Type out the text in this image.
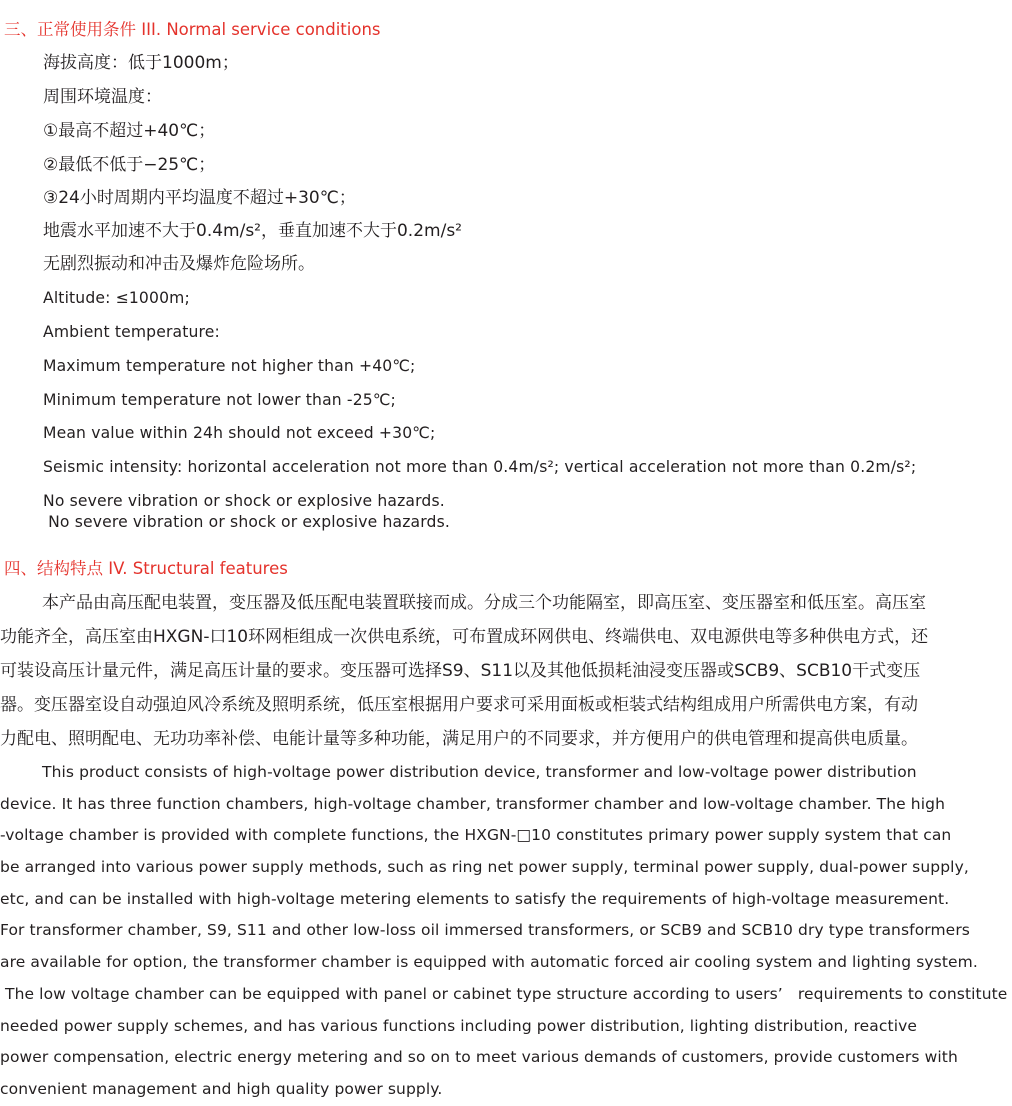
三、正常使用条件 III. Normal service conditions
海拔高度：低于1000m；
周围环境温度：
①最高不超过+40℃；
②最低不低于−25℃；
③24小时周期内平均温度不超过+30℃；
地震水平加速不大于0.4m/s²，垂直加速不大于0.2m/s²
无剧烈振动和冲击及爆炸危险场所。
Altitude: ≤1000m;
Ambient temperature:
Maximum temperature not higher than +40℃;
Minimum temperature not lower than -25℃;
Mean value within 24h should not exceed +30℃;
Seismic intensity: horizontal acceleration not more than 0.4m/s²; vertical acceleration not more than 0.2m/s²;
No severe vibration or shock or explosive hazards.
No severe vibration or shock or explosive hazards.
四、结构特点 IV. Structural features
本产品由高压配电装置，变压器及低压配电装置联接而成。分成三个功能隔室，即高压室、变压器室和低压室。高压室
功能齐全，高压室由HXGN-口10环网柜组成一次供电系统，可布置成环网供电、终端供电、双电源供电等多种供电方式，还
可装设高压计量元件，满足高压计量的要求。变压器可选择S9、S11以及其他低损耗油浸变压器或SCB9、SCB10干式变压
器。变压器室设自动强迫风冷系统及照明系统，低压室根据用户要求可采用面板或柜装式结构组成用户所需供电方案，有动
力配电、照明配电、无功功率补偿、电能计量等多种功能，满足用户的不同要求，并方便用户的供电管理和提高供电质量。
This product consists of high-voltage power distribution device, transformer and low-voltage power distribution
device. It has three function chambers, high-voltage chamber, transformer chamber and low-voltage chamber. The high
-voltage chamber is provided with complete functions, the HXGN-□10 constitutes primary power supply system that can
be arranged into various power supply methods, such as ring net power supply, terminal power supply, dual-power supply,
etc, and can be installed with high-voltage metering elements to satisfy the requirements of high-voltage measurement.
For transformer chamber, S9, S11 and other low-loss oil immersed transformers, or SCB9 and SCB10 dry type transformers
are available for option, the transformer chamber is equipped with automatic forced air cooling system and lighting system.
The low voltage chamber can be equipped with panel or cabinet type structure according to users’   requirements to constitute
needed power supply schemes, and has various functions including power distribution, lighting distribution, reactive
power compensation, electric energy metering and so on to meet various demands of customers, provide customers with
convenient management and high quality power supply.
